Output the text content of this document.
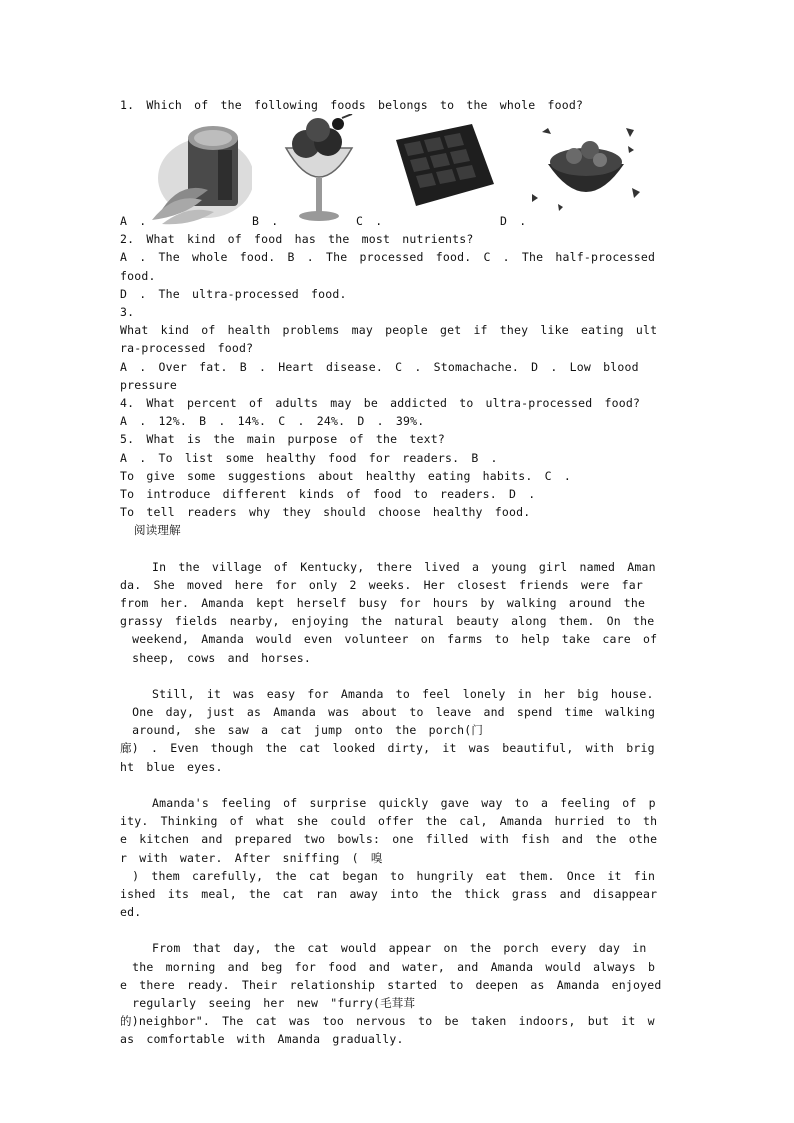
1. Which of the following foods belongs to the whole food?
A .	B .	C .	D .
2. What kind of food has the most nutrients?
A . The whole food. B . The processed food. C . The half-processed food.
D . The ultra-processed food.
3.
What kind of health problems may people get if they like eating ult
ra-processed food?
A . Over fat. B . Heart disease. C . Stomachache. D . Low blood pressure
4. What percent of adults may be addicted to ultra-processed food?
A . 12%. B . 14%. C . 24%. D . 39%.
5. What is the main purpose of the text?
A . To list some healthy food for readers. B .
To give some suggestions about healthy eating habits. C .
To introduce different kinds of food to readers. D .
To tell readers why they should choose healthy food.
阅读理解
In the village of Kentucky, there lived a young girl named Aman
da. She moved here for only 2 weeks. Her closest friends were far
from her. Amanda kept herself busy for hours by walking around the
grassy fields nearby, enjoying the natural beauty along them. On the
weekend, Amanda would even volunteer on farms to help take care of
sheep, cows and horses.
Still, it was easy for Amanda to feel lonely in her big house.
One day, just as Amanda was about to leave and spend time walking
around, she saw a cat jump onto the porch(门
廊) . Even though the cat looked dirty, it was beautiful, with brig
ht blue eyes.
Amanda's feeling of surprise quickly gave way to a feeling of p
ity. Thinking of what she could offer the cal, Amanda hurried to th
e kitchen and prepared two bowls: one filled with fish and the othe
r with water. After sniffing ( 嗅
) them carefully, the cat began to hungrily eat them. Once it fin
ished its meal, the cat ran away into the thick grass and disappear
ed.
From that day, the cat would appear on the porch every day in
the morning and beg for food and water, and Amanda would always b
e there ready. Their relationship started to deepen as Amanda enjoyed
regularly seeing her new "furry(毛茸茸
的)neighbor". The cat was too nervous to be taken indoors, but it w
as comfortable with Amanda gradually.
